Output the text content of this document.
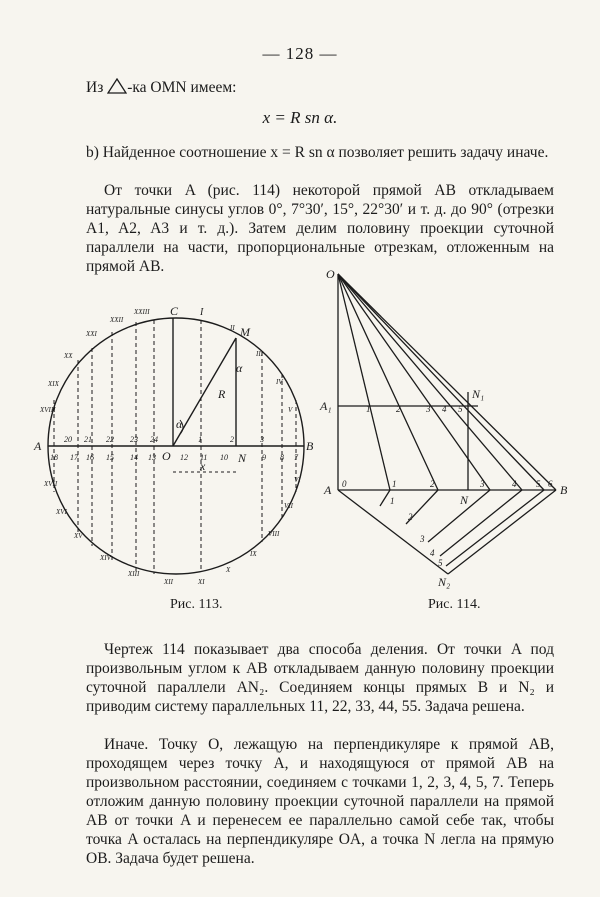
— 128 —
Из -ка OMN имеем:
x = R sn α.
b) Найденное соотношение x = R sn α позволяет решить задачу иначе.
От точки A (рис. 114) некоторой прямой AB откладываем натуральные синусы углов 0°, 7°30′, 15°, 22°30′ и т. д. до 90° (отрезки A1, A2, A3 и т. д.). Затем делим половину проекции суточной параллели на части, пропорциональные отрезкам, отложенным на прямой AB.
C I
M
R
α
α
A	B
O	N
x
18 17 16 15 14 13
20 21 22 23 24	1	2	3
9 8 7
12 11 10
II
III
IV
V
VI
VII
VIII
IX
X
XI
XII
XIII
XIV
XV
XVI
XVII
XVIII
XIX
XX
XXI
XXII
XXIII
Рис. 113.
O
A₁
A
N₁
N
B
N₂
0	1	2	3	4 5 6
1	2	3 4 5
1
2
3
4
5
Рис. 114.
Чертеж 114 показывает два способа деления. От точки A под произвольным углом к AB откладываем данную половину проекции суточной параллели AN₂. Соединяем концы прямых B и N₂ и приводим систему параллельных 11, 22, 33, 44, 55. Задача решена.
Иначе. Точку O, лежащую на перпендикуляре к прямой AB, проходящем через точку A, и находящуюся от прямой AB на произвольном расстоянии, соединяем с точками 1, 2, 3, 4, 5, 7. Теперь отложим данную половину проекции суточной параллели на прямой AB от точки A и перенесем ее параллельно самой себе так, чтобы точка A осталась на перпендикуляре OA, а точка N легла на прямую OB. Задача будет решена.
